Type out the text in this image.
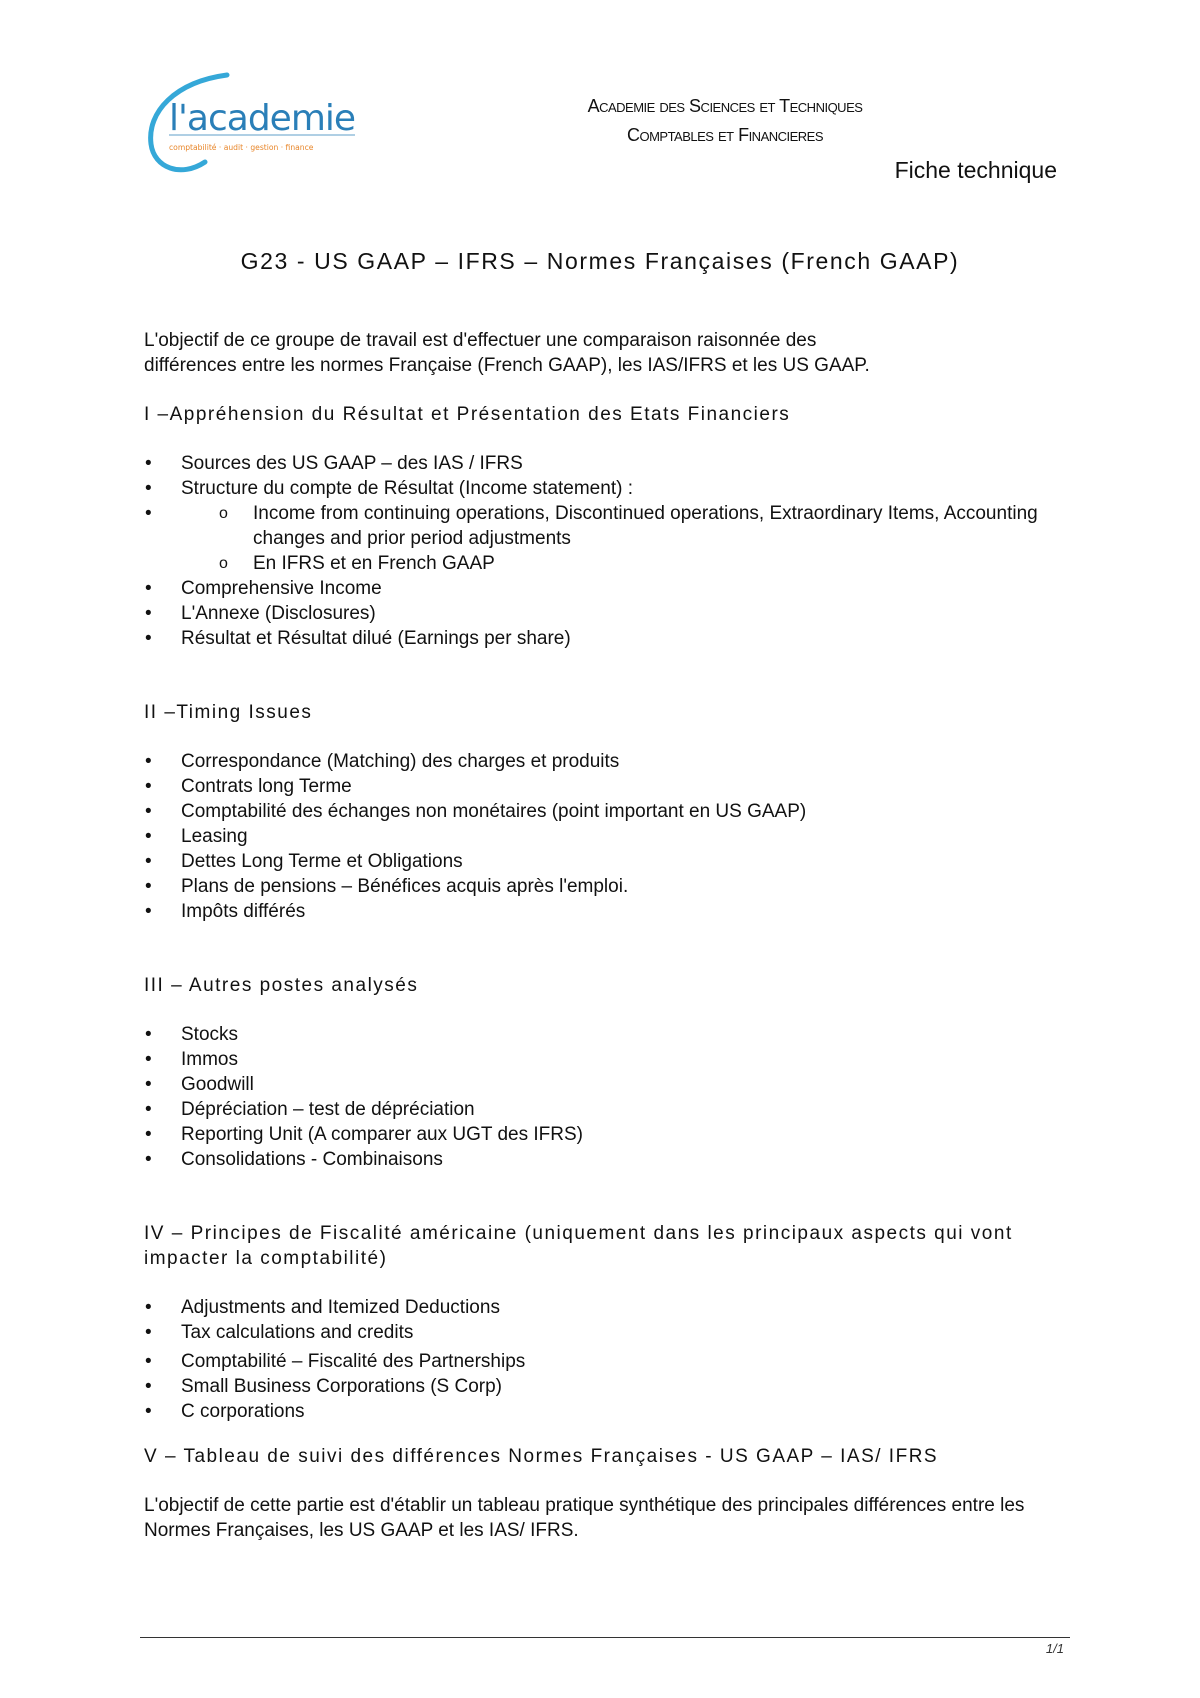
l'academie
comptabilité · audit · gestion · finance
Academie des Sciences et Techniques
Comptables et Financieres
Fiche technique
G23 - US GAAP – IFRS – Normes Françaises (French GAAP)

L'objectif de ce groupe de travail est d'effectuer une comparaison raisonnée des

différences entre les normes Française (French GAAP), les IAS/IFRS et les US GAAP.

I –Appréhension du Résultat et Présentation des Etats Financiers

• Sources des US GAAP – des IAS / IFRS
• Structure du compte de Résultat (Income statement) :
o • Income from continuing operations, Discontinued operations, Extraordinary Items, Accounting changes and prior period adjustments
o En IFRS et en French GAAP
• Comprehensive Income
• L'Annexe (Disclosures)
• Résultat et Résultat dilué (Earnings per share)

II –Timing Issues

• Correspondance (Matching) des charges et produits
• Contrats long Terme
• Comptabilité des échanges non monétaires (point important en US GAAP)
• Leasing
• Dettes Long Terme et Obligations
• Plans de pensions – Bénéfices acquis après l'emploi.
• Impôts différés

III – Autres postes analysés

• Stocks
• Immos
• Goodwill
• Dépréciation – test de dépréciation
• Reporting Unit (A comparer aux UGT des IFRS)
• Consolidations - Combinaisons

IV – Principes de Fiscalité américaine (uniquement dans les principaux aspects qui vont impacter la comptabilité)

• Adjustments and Itemized Deductions
• Tax calculations and credits
• Comptabilité – Fiscalité des Partnerships
• Small Business Corporations (S Corp)
• C corporations

V – Tableau de suivi des différences Normes Françaises - US GAAP – IAS/ IFRS

L'objectif de cette partie est d'établir un tableau pratique synthétique des principales différences entre les Normes Françaises, les US GAAP et les IAS/ IFRS.

1/1
